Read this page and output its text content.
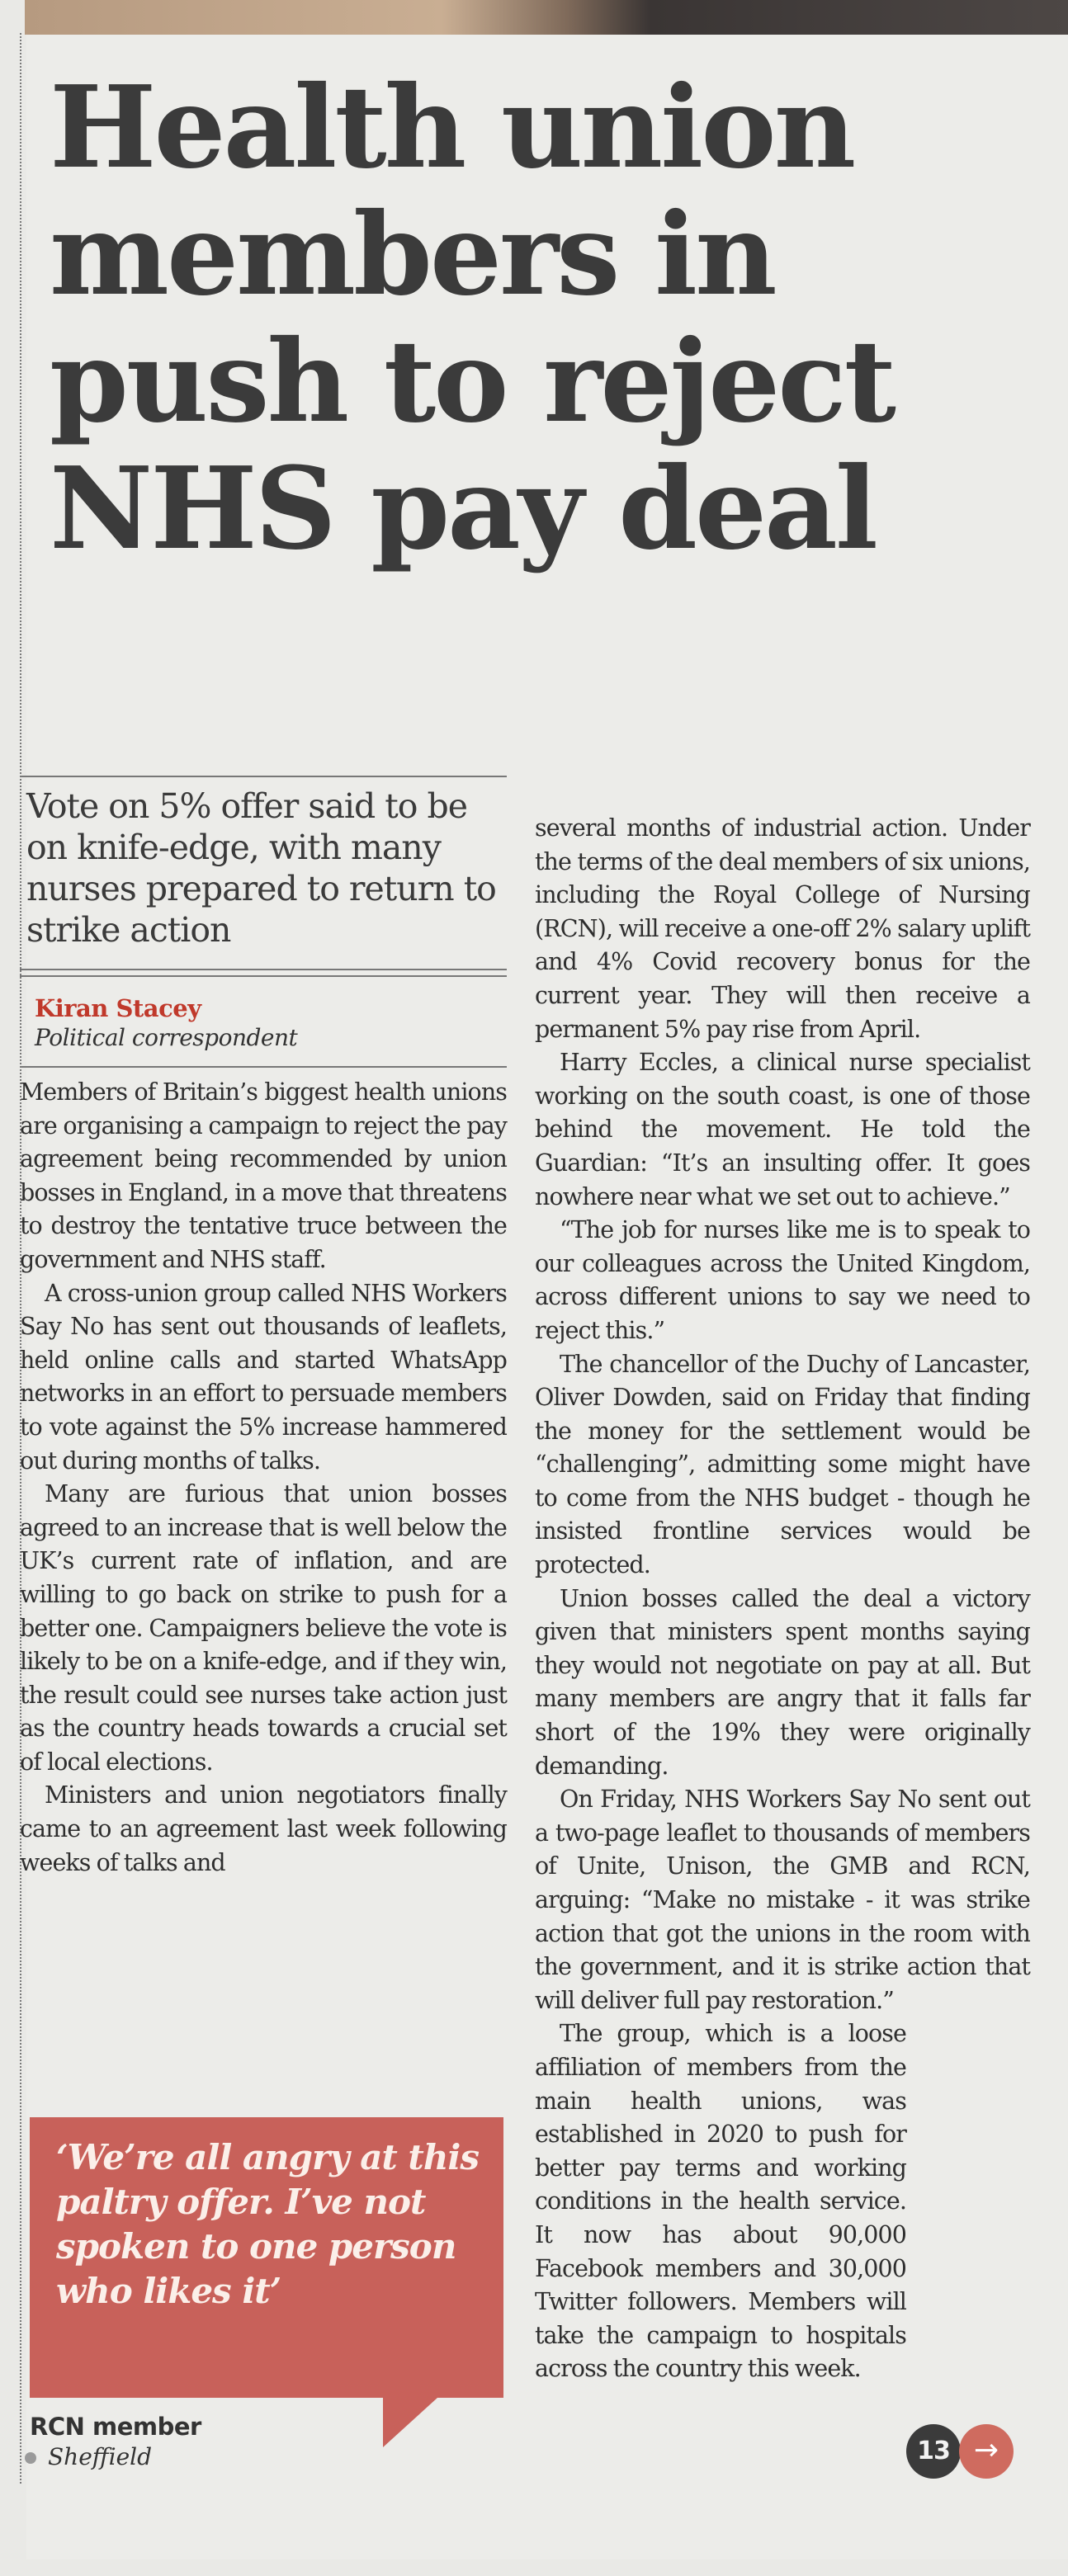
Health union
members in
push to reject
NHS pay deal

Vote on 5% offer said to be on knife-edge, with many nurses prepared to return to strike action

Kiran Stacey
Political correspondent

Members of Britain’s biggest health unions are organising a campaign to reject the pay agreement being recommended by union bosses in England, in a move that threatens to destroy the tentative truce between the government and NHS staff.

A cross-union group called NHS Workers Say No has sent out thousands of leaflets, held online calls and started WhatsApp networks in an effort to persuade members to vote against the 5% increase hammered out during months of talks.

Many are furious that union bosses agreed to an increase that is well below the UK’s current rate of inflation, and are willing to go back on strike to push for a better one. Campaigners believe the vote is likely to be on a knife-edge, and if they win, the result could see nurses take action just as the country heads towards a crucial set of local elections.

Ministers and union negotiators finally came to an agreement last week following weeks of talks and

several months of industrial action. Under the terms of the deal members of six unions, including the Royal College of Nursing (RCN), will receive a one-off 2% salary uplift and 4% Covid recovery bonus for the current year. They will then receive a permanent 5% pay rise from April.

Harry Eccles, a clinical nurse specialist working on the south coast, is one of those behind the movement. He told the Guardian: “It’s an insulting offer. It goes nowhere near what we set out to achieve.”

“The job for nurses like me is to speak to our colleagues across the United Kingdom, across different unions to say we need to reject this.”

The chancellor of the Duchy of Lancaster, Oliver Dowden, said on Friday that finding the money for the settlement would be “challenging”, admitting some might have to come from the NHS budget - though he insisted frontline services would be protected.

Union bosses called the deal a victory given that ministers spent months saying they would not negotiate on pay at all. But many members are angry that it falls far short of the 19% they were originally demanding.

On Friday, NHS Workers Say No sent out a two-page leaflet to thousands of members of Unite, Unison, the GMB and RCN, arguing: “Make no mistake - it was strike action that got the unions in the room with the government, and it is strike action that will deliver full pay restoration.”

The group, which is a loose affiliation of members from the main health unions, was established in 2020 to push for better pay terms and working conditions in the health service. It now has about 90,000 Facebook members and 30,000 Twitter followers. Members will take the campaign to hospitals across the country this week.

‘We’re all angry at this paltry offer. I’ve not spoken to one person who likes it’

RCN member
Sheffield	13 →
